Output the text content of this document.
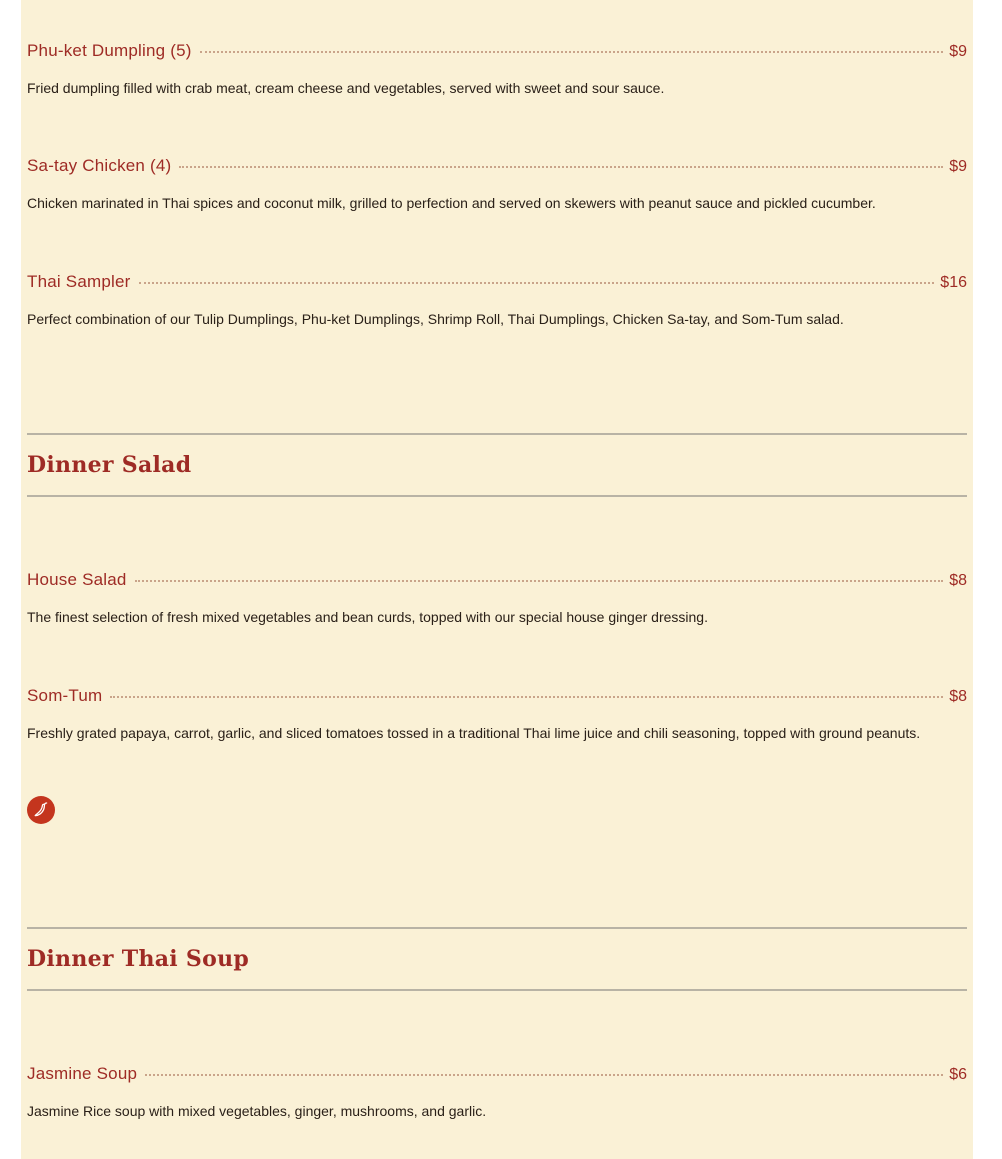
Phu-ket Dumpling (5)	$9
Fried dumpling filled with crab meat, cream cheese and vegetables, served with sweet and sour sauce.
Sa-tay Chicken (4)	$9
Chicken marinated in Thai spices and coconut milk, grilled to perfection and served on skewers with peanut sauce and pickled cucumber.
Thai Sampler	$16
Perfect combination of our Tulip Dumplings, Phu-ket Dumplings, Shrimp Roll, Thai Dumplings, Chicken Sa-tay, and Som-Tum salad.
Dinner Salad
House Salad	$8
The finest selection of fresh mixed vegetables and bean curds, topped with our special house ginger dressing.
Som-Tum	$8
Freshly grated papaya, carrot, garlic, and sliced tomatoes tossed in a traditional Thai lime juice and chili seasoning, topped with ground peanuts.
Dinner Thai Soup
Jasmine Soup	$6
Jasmine Rice soup with mixed vegetables, ginger, mushrooms, and garlic.
